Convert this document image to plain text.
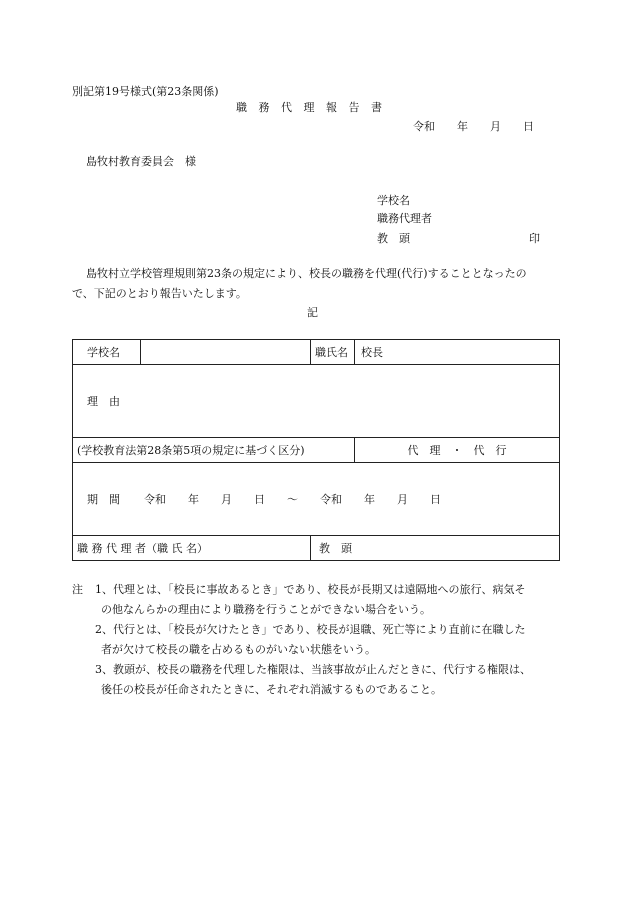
別記第19号様式(第23条関係)
職 務 代 理 報 告 書
令和　　年　　月　　日
島牧村教育委員会　様
学校名
職務代理者
教　頭	印
島牧村立学校管理規則第23条の規定により、校長の職務を代理(代行)することとなったの
で、下記のとおり報告いたします。
記
学校名		職氏名	校長
理　由			
(学校教育法第28条第5項の規定に基づく区分)			代　理　・　代　行
期　間 令和　　年　　月　　日　　～　　令和　　年　　月　　日			
職 務 代 理 者（職 氏 名）		教　頭	
注 1、代理とは、「校長に事故あるとき」であり、校長が長期又は遠隔地への旅行、病気そ
の他なんらかの理由により職務を行うことができない場合をいう。
2、代行とは、「校長が欠けたとき」であり、校長が退職、死亡等により直前に在職した
者が欠けて校長の職を占めるものがいない状態をいう。
3、教頭が、校長の職務を代理した権限は、当該事故が止んだときに、代行する権限は、
後任の校長が任命されたときに、それぞれ消滅するものであること。
